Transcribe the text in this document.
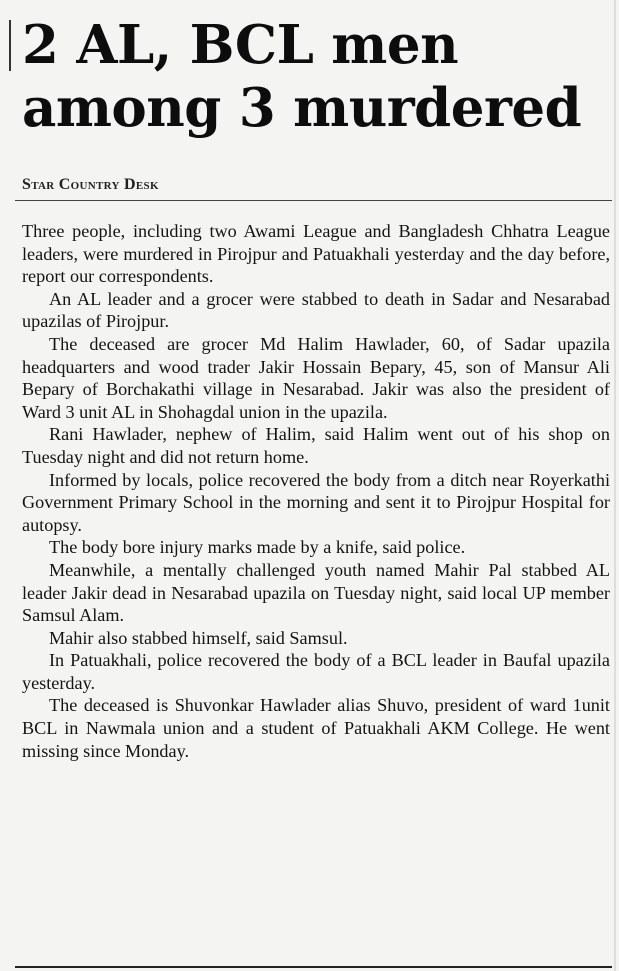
2 AL, BCL men
among 3 murdered

Star Country Desk

Three people, including two Awami League and Bangladesh Chhatra League leaders, were murdered in Pirojpur and Patuakhali yesterday and the day before, report our correspondents.

An AL leader and a grocer were stabbed to death in Sadar and Nesarabad upazilas of Pirojpur.

The deceased are grocer Md Halim Hawlader, 60, of Sadar upazila headquarters and wood trader Jakir Hossain Bepary, 45, son of Mansur Ali Bepary of Borchakathi village in Nesarabad. Jakir was also the president of Ward 3 unit AL in Shohagdal union in the upazila.

Rani Hawlader, nephew of Halim, said Halim went out of his shop on Tuesday night and did not return home.

Informed by locals, police recovered the body from a ditch near Royerkathi Government Primary School in the morning and sent it to Pirojpur Hospital for autopsy.

The body bore injury marks made by a knife, said police.

Meanwhile, a mentally challenged youth named Mahir Pal stabbed AL leader Jakir dead in Nesarabad upazila on Tuesday night, said local UP member Samsul Alam.

Mahir also stabbed himself, said Samsul.

In Patuakhali, police recovered the body of a BCL leader in Baufal upazila yesterday.

The deceased is Shuvonkar Hawlader alias Shuvo, president of ward 1unit BCL in Nawmala union and a student of Patuakhali AKM College. He went missing since Monday.
